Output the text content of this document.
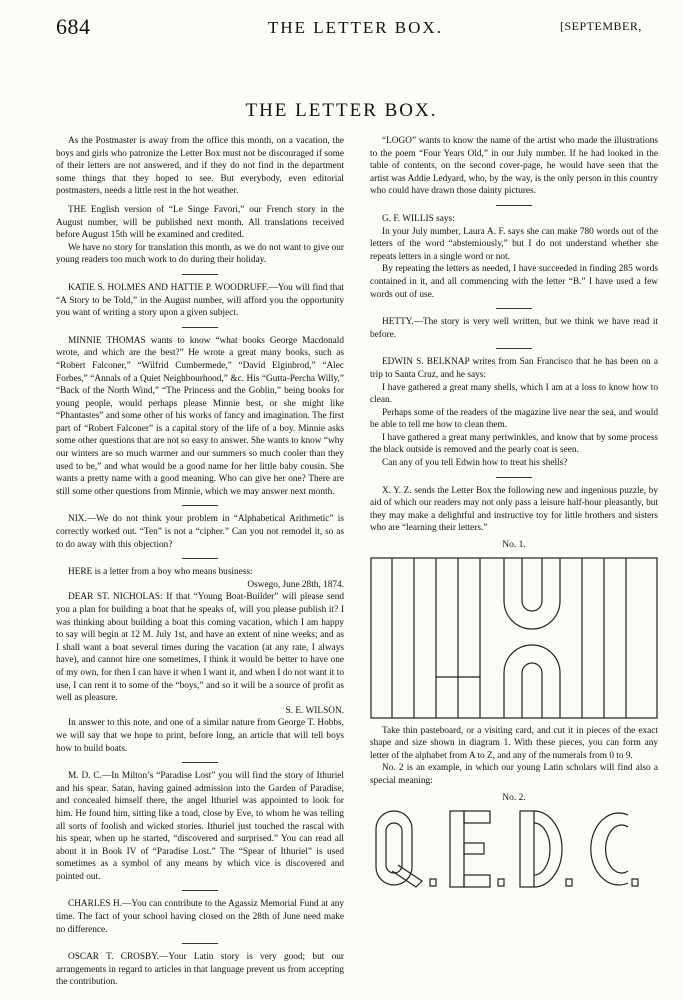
684	THE LETTER BOX.	[SEPTEMBER,
THE LETTER BOX.

As the Postmaster is away from the office this month, on a vacation, the boys and girls who patronize the Letter Box must not be discouraged if some of their letters are not answered, and if they do not find in the department some things that they hoped to see. But everybody, even editorial postmasters, needs a little rest in the hot weather.

THE English version of “Le Singe Favori,” our French story in the August number, will be published next month. All translations received before August 15th will be examined and credited.

We have no story for translation this month, as we do not want to give our young readers too much work to do during their holiday.

KATIE S. HOLMES AND HATTIE P. WOODRUFF.—You will find that “A Story to be Told,” in the August number, will afford you the opportunity you want of writing a story upon a given subject.

MINNIE THOMAS wants to know “what books George Macdonald wrote, and which are the best?” He wrote a great many books, such as “Robert Falconer,” “Wilfrid Cumbermede,” “David Elginbrod,” “Alec Forbes,” “Annals of a Quiet Neighbourhood,” &c. His “Gutta-Percha Willy,” “Back of the North Wind,” “The Princess and the Goblin,” being books for young people, would perhaps please Minnie best, or she might like “Phantastes” and some other of his works of fancy and imagination. The first part of “Robert Falconer” is a capital story of the life of a boy. Minnie asks some other questions that are not so easy to answer. She wants to know “why our winters are so much warmer and our summers so much cooler than they used to be,” and what would be a good name for her little baby cousin. She wants a pretty name with a good meaning. Who can give her one? There are still some other questions from Minnie, which we may answer next month.

NIX.—We do not think your problem in “Alphabetical Arithmetic” is correctly worked out. “Ten” is not a “cipher.” Can you not remodel it, so as to do away with this objection?

HERE is a letter from a boy who means business:

Oswego, June 28th, 1874.

DEAR ST. NICHOLAS: If that “Young Boat-Builder” will please send you a plan for building a boat that he speaks of, will you please publish it? I was thinking about building a boat this coming vacation, which I am happy to say will begin at 12 M. July 1st, and have an extent of nine weeks; and as I shall want a boat several times during the vacation (at any rate, I always have), and cannot hire one sometimes, I think it would be better to have one of my own, for then I can have it when I want it, and when I do not want it to use, I can rent it to some of the “boys,” and so it will be a source of profit as well as pleasure.

S. E. WILSON.

In answer to this note, and one of a similar nature from George T. Hobbs, we will say that we hope to print, before long, an article that will tell boys how to build boats.

M. D. C.—In Milton’s “Paradise Lost” you will find the story of Ithuriel and his spear. Satan, having gained admission into the Garden of Paradise, and concealed himself there, the angel Ithuriel was appointed to look for him. He found him, sitting like a toad, close by Eve, to whom he was telling all sorts of foolish and wicked stories. Ithuriel just touched the rascal with his spear, when up he started, “discovered and surprised.” You can read all about it in Book IV of “Paradise Lost.” The “Spear of Ithuriel” is used sometimes as a symbol of any means by which vice is discovered and pointed out.

CHARLES H.—You can contribute to the Agassiz Memorial Fund at any time. The fact of your school having closed on the 28th of June need make no difference.

OSCAR T. CROSBY.—Your Latin story is very good; but our arrangements in regard to articles in that language prevent us from accepting the contribution.

“LOGO” wants to know the name of the artist who made the illustrations to the poem “Four Years Old,” in our July number. If he had looked in the table of contents, on the second cover-page, he would have seen that the artist was Addie Ledyard, who, by the way, is the only person in this country who could have drawn those dainty pictures.

G. F. WILLIS says:

In your July number, Laura A. F. says she can make 780 words out of the letters of the word “abstemiously,” but I do not understand whether she repeats letters in a single word or not.

By repeating the letters as needed, I have succeeded in finding 285 words contained in it, and all commencing with the letter “B.” I have used a few words out of use.

HETTY.—The story is very well written, but we think we have read it before.

EDWIN S. BELKNAP writes from San Francisco that he has been on a trip to Santa Cruz, and he says:

I have gathered a great many shells, which I am at a loss to know how to clean.

Perhaps some of the readers of the magazine live near the sea, and would be able to tell me how to clean them.

I have gathered a great many periwinkles, and know that by some process the black outside is removed and the pearly coat is seen.

Can any of you tell Edwin how to treat his shells?

X. Y. Z. sends the Letter Box the following new and ingenious puzzle, by aid of which our readers may not only pass a leisure half-hour pleasantly, but they may make a delightful and instructive toy for little brothers and sisters who are “learning their letters.”

No. 1.

Take thin pasteboard, or a visiting card, and cut it in pieces of the exact shape and size shown in diagram 1. With these pieces, you can form any letter of the alphabet from A to Z, and any of the numerals from 0 to 9.

No. 2 is an example, in which our young Latin scholars will find also a special meaning:

No. 2.
